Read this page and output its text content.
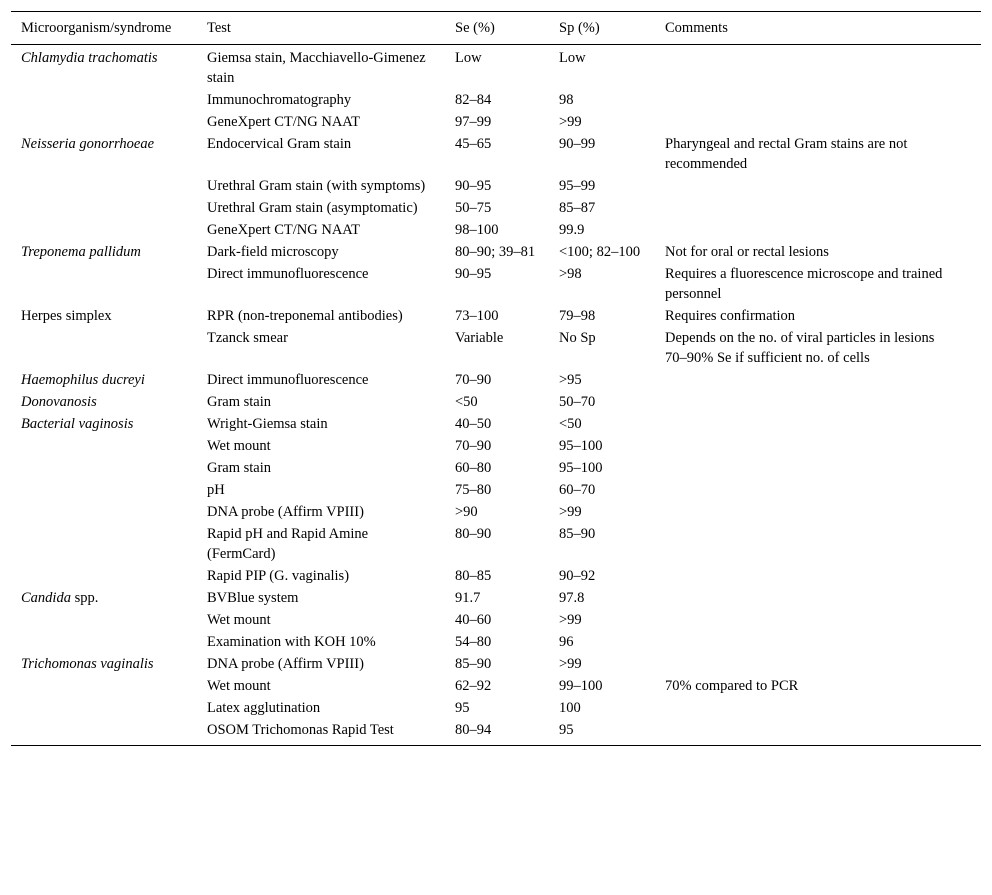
Microorganism/syndrome	Test	Se (%)	Sp (%)	Comments
Chlamydia trachomatis	Giemsa stain, Macchiavello-Gimenez stain	Low	Low	

	Immunochromatography	82–84	98	

	GeneXpert CT/NG NAAT	97–99	>99	

Neisseria gonorrhoeae	Endocervical Gram stain	45–65	90–99	Pharyngeal and rectal Gram stains are not recommended

	Urethral Gram stain (with symptoms)	90–95	95–99	

	Urethral Gram stain (asymptomatic)	50–75	85–87	

	GeneXpert CT/NG NAAT	98–100	99.9	

Treponema pallidum	Dark-field microscopy	80–90; 39–81	<100; 82–100	Not for oral or rectal lesions

	Direct immunofluorescence	90–95	>98	Requires a fluorescence microscope and trained personnel

Herpes simplex	RPR (non-treponemal antibodies)	73–100	79–98	Requires confirmation

	Tzanck smear	Variable	No Sp	Depends on the no. of viral particles in lesions
70–90% Se if sufficient no. of cells

Haemophilus ducreyi	Direct immunofluorescence	70–90	>95	

Donovanosis	Gram stain	<50	50–70	

Bacterial vaginosis	Wright-Giemsa stain	40–50	<50	

	Wet mount	70–90	95–100	

	Gram stain	60–80	95–100	

	pH	75–80	60–70	

	DNA probe (Affirm VPIII)	>90	>99	

	Rapid pH and Rapid Amine (FermCard)	80–90	85–90	

	Rapid PIP (G. vaginalis)	80–85	90–92	

Candida spp.	BVBlue system	91.7	97.8	

	Wet mount	40–60	>99	

	Examination with KOH 10%	54–80	96	

Trichomonas vaginalis	DNA probe (Affirm VPIII)	85–90	>99	

	Wet mount	62–92	99–100	70% compared to PCR

	Latex agglutination	95	100	

	OSOM Trichomonas Rapid Test	80–94	95	
